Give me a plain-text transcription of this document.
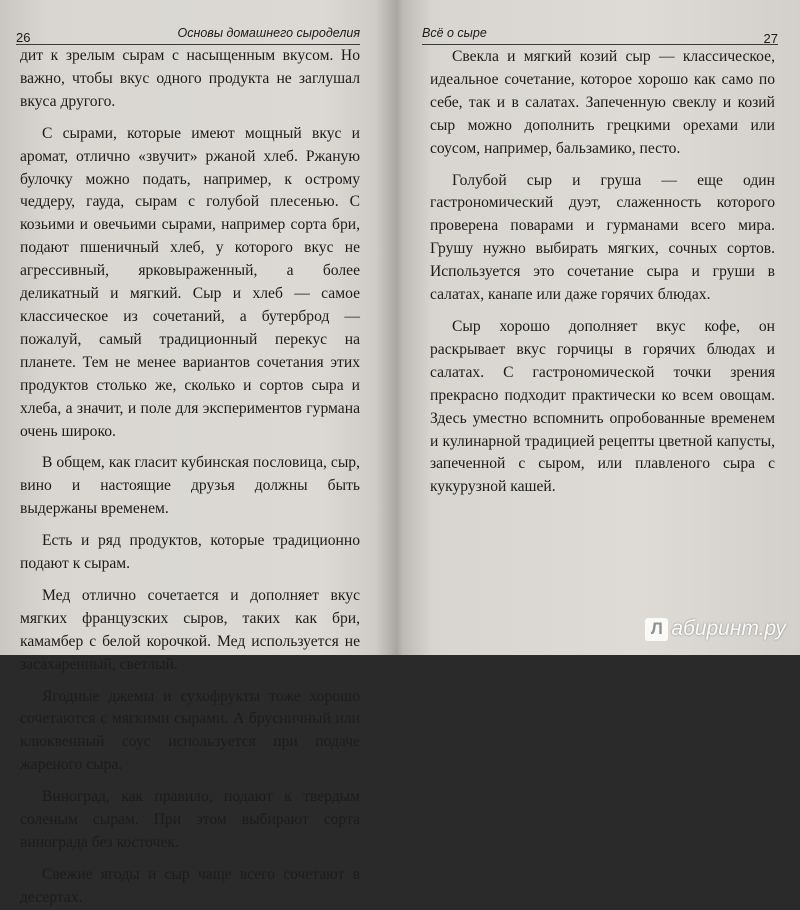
26	Основы домашнего сыроделия

дит к зрелым сырам с насыщенным вкусом. Но важно, чтобы вкус одного продукта не заглушал вкуса другого.

С сырами, которые имеют мощный вкус и аромат, отлично «звучит» ржаной хлеб. Ржаную булочку можно подать, например, к острому чеддеру, гауда, сырам с голубой плесенью. С козьими и овечьими сырами, например сорта бри, подают пшеничный хлеб, у которого вкус не агрессивный, ярковыраженный, а более деликатный и мягкий. Сыр и хлеб — самое классическое из сочетаний, а бутерброд — пожалуй, самый традиционный перекус на планете. Тем не менее вариантов сочетания этих продуктов столько же, сколько и сортов сыра и хлеба, а значит, и поле для экспериментов гурмана очень широко.

В общем, как гласит кубинская пословица, сыр, вино и настоящие друзья должны быть выдержаны временем.

Есть и ряд продуктов, которые традиционно подают к сырам.

Мед отлично сочетается и дополняет вкус мягких французских сыров, таких как бри, камамбер с белой корочкой. Мед используется не засахаренный, светлый.

Ягодные джемы и сухофрукты тоже хорошо сочетаются с мягкими сырами. А брусничный или клюквенный соус используется при подаче жареного сыра.

Виноград, как правило, подают к твердым соленым сырам. При этом выбирают сорта винограда без косточек.

Свежие ягоды и сыр чаще всего сочетают в десертах.

Всё о сыре	27

Свекла и мягкий козий сыр — классическое, идеальное сочетание, которое хорошо как само по себе, так и в салатах. Запеченную свеклу и козий сыр можно дополнить грецкими орехами или соусом, например, бальзамико, песто.

Голубой сыр и груша — еще один гастрономический дуэт, слаженность которого проверена поварами и гурманами всего мира. Грушу нужно выбирать мягких, сочных сортов. Используется это сочетание сыра и груши в салатах, канапе или даже горячих блюдах.

Сыр хорошо дополняет вкус кофе, он раскрывает вкус горчицы в горячих блюдах и салатах. С гастрономической точки зрения прекрасно подходит практически ко всем овощам. Здесь уместно вспомнить опробованные временем и кулинарной традицией рецепты цветной капусты, запеченной с сыром, или плавленого сыра с кукурузной кашей.

Л абиринт.ру
